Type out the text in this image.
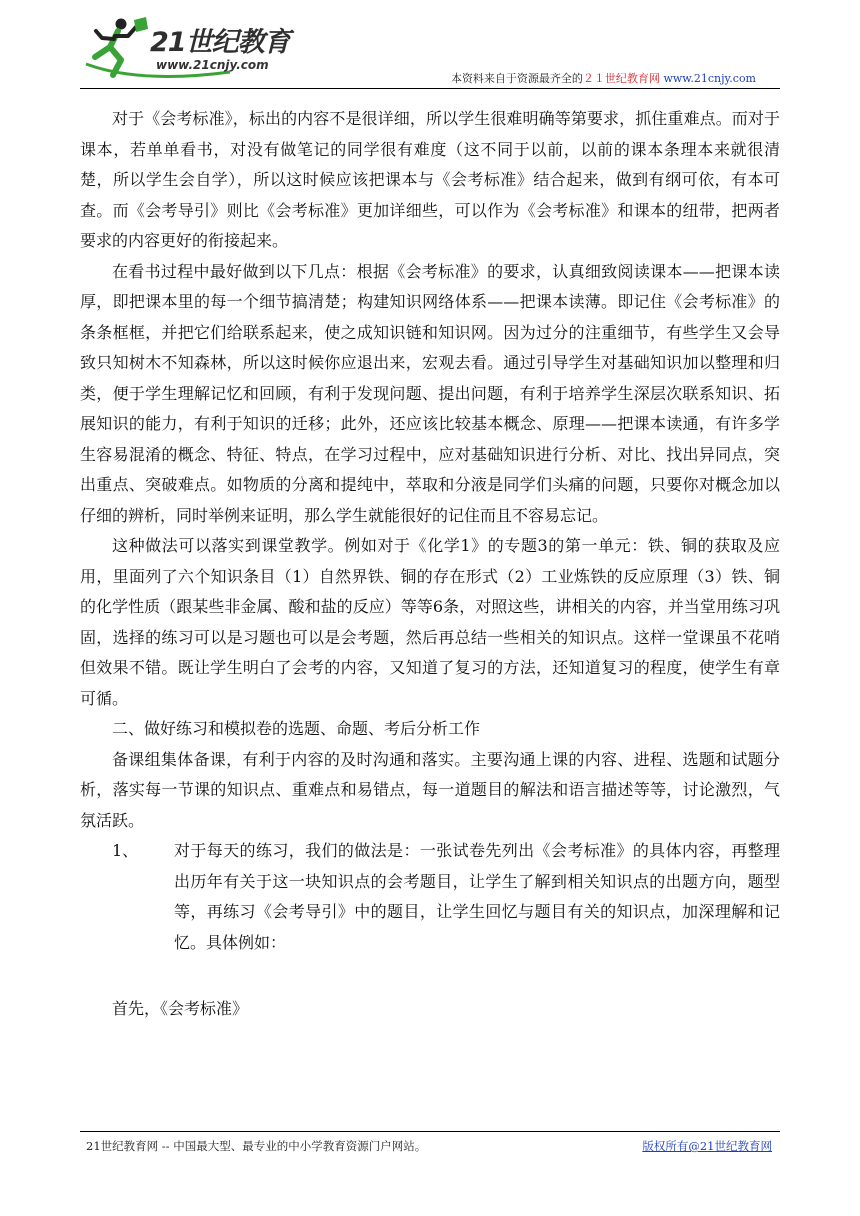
21世纪教育
www.21cnjy.com
本资料来自于资源最齐全的２１世纪教育网 www.21cnjy.com

对于《会考标准》，标出的内容不是很详细，所以学生很难明确等第要求，抓住重难点。而对于课本，若单单看书，对没有做笔记的同学很有难度（这不同于以前，以前的课本条理本来就很清楚，所以学生会自学），所以这时候应该把课本与《会考标准》结合起来，做到有纲可依，有本可查。而《会考导引》则比《会考标准》更加详细些，可以作为《会考标准》和课本的纽带，把两者要求的内容更好的衔接起来。

在看书过程中最好做到以下几点：根据《会考标准》的要求，认真细致阅读课本——把课本读厚，即把课本里的每一个细节搞清楚；构建知识网络体系——把课本读薄。即记住《会考标准》的条条框框，并把它们给联系起来，使之成知识链和知识网。因为过分的注重细节，有些学生又会导致只知树木不知森林，所以这时候你应退出来，宏观去看。通过引导学生对基础知识加以整理和归类，便于学生理解记忆和回顾，有利于发现问题、提出问题，有利于培养学生深层次联系知识、拓展知识的能力，有利于知识的迁移；此外，还应该比较基本概念、原理——把课本读通，有许多学生容易混淆的概念、特征、特点，在学习过程中，应对基础知识进行分析、对比、找出异同点，突出重点、突破难点。如物质的分离和提纯中，萃取和分液是同学们头痛的问题，只要你对概念加以仔细的辨析，同时举例来证明，那么学生就能很好的记住而且不容易忘记。

这种做法可以落实到课堂教学。例如对于《化学1》的专题3的第一单元：铁、铜的获取及应用，里面列了六个知识条目（1）自然界铁、铜的存在形式（2）工业炼铁的反应原理（3）铁、铜的化学性质（跟某些非金属、酸和盐的反应）等等6条，对照这些，讲相关的内容，并当堂用练习巩固，选择的练习可以是习题也可以是会考题，然后再总结一些相关的知识点。这样一堂课虽不花哨但效果不错。既让学生明白了会考的内容，又知道了复习的方法，还知道复习的程度，使学生有章可循。

二、做好练习和模拟卷的选题、命题、考后分析工作

备课组集体备课，有利于内容的及时沟通和落实。主要沟通上课的内容、进程、选题和试题分析，落实每一节课的知识点、重难点和易错点，每一道题目的解法和语言描述等等，讨论激烈，气氛活跃。

1、 对于每天的练习，我们的做法是：一张试卷先列出《会考标准》的具体内容，再整理出历年有关于这一块知识点的会考题目，让学生了解到相关知识点的出题方向，题型等，再练习《会考导引》中的题目，让学生回忆与题目有关的知识点，加深理解和记忆。具体例如：

首先，《会考标准》

21世纪教育网 -- 中国最大型、最专业的中小学教育资源门户网站。	版权所有@21世纪教育网
